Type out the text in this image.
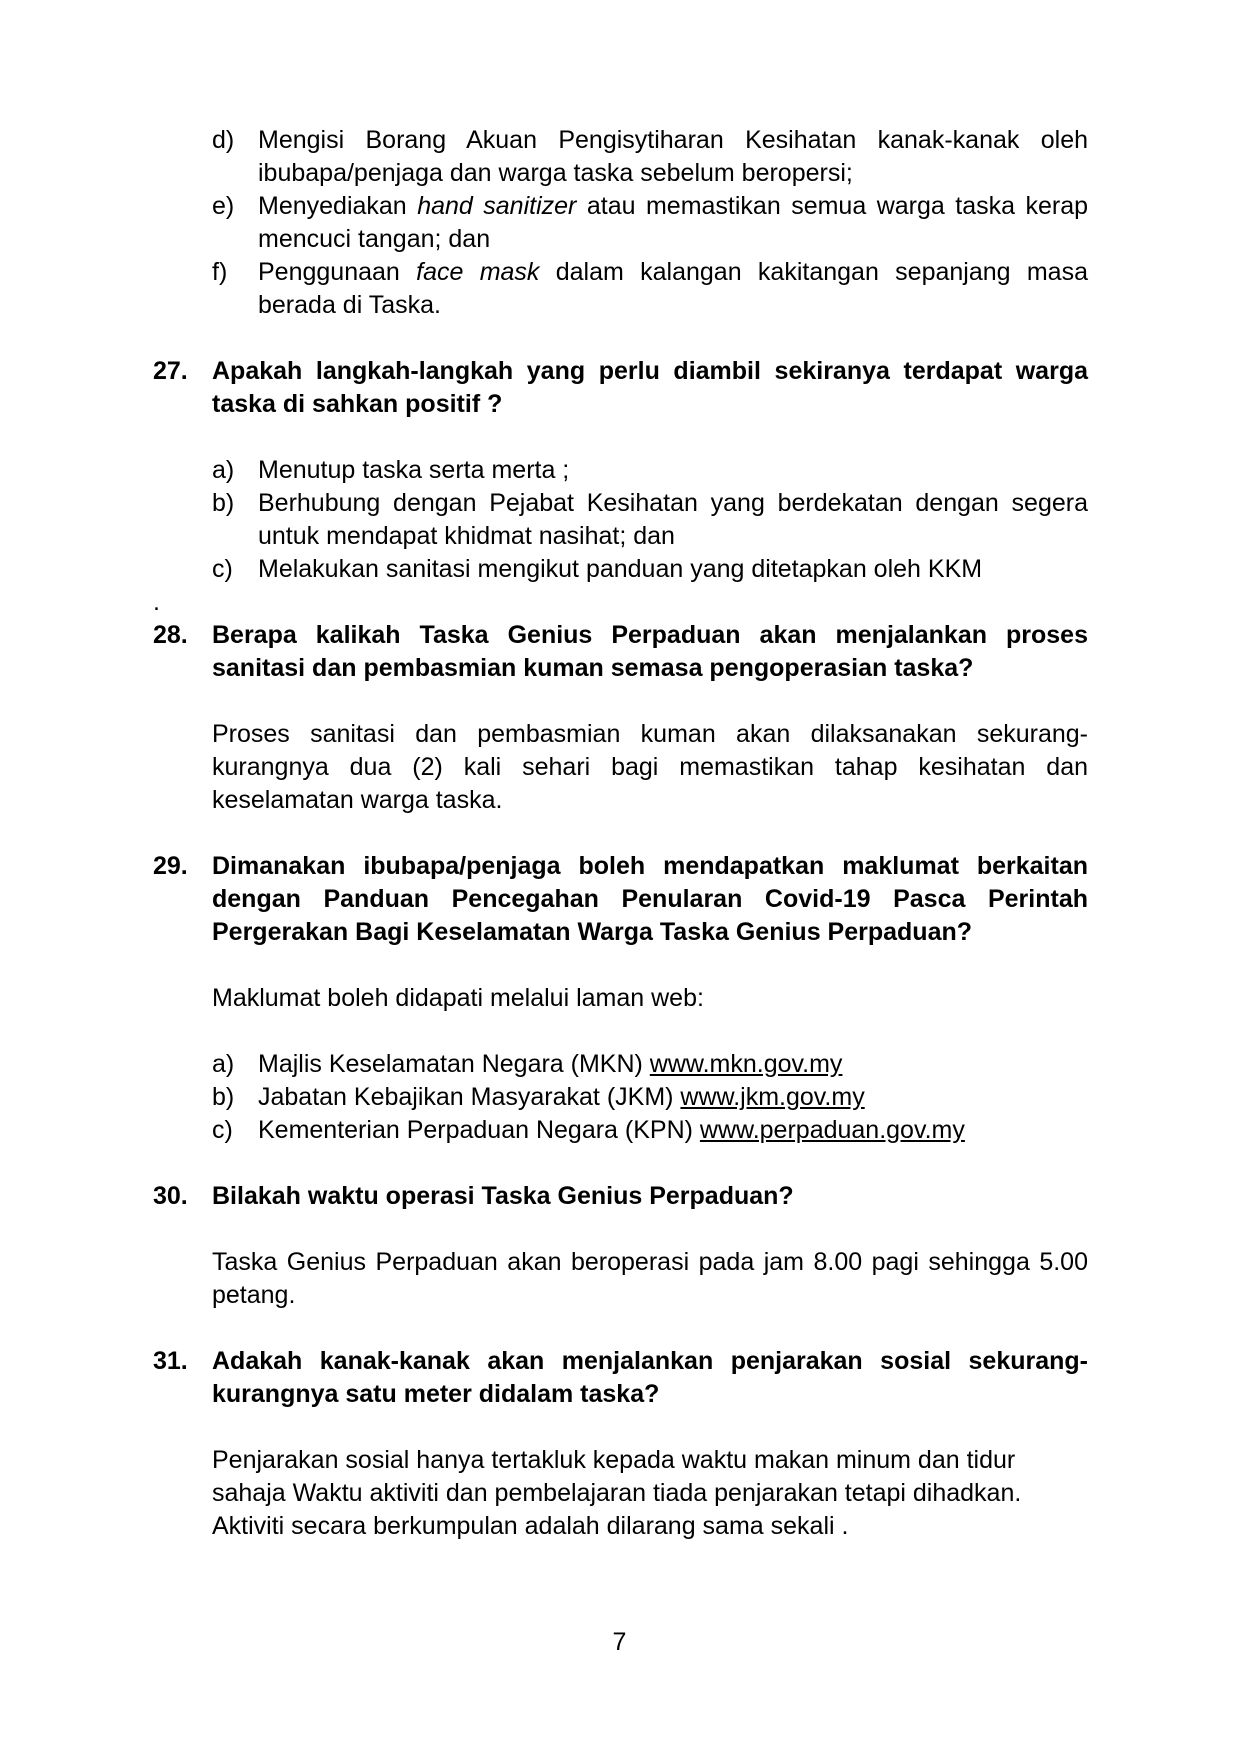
d) Mengisi Borang Akuan Pengisytiharan Kesihatan kanak-kanak oleh ibubapa/penjaga dan warga taska sebelum beropersi;
e) Menyediakan hand sanitizer atau memastikan semua warga taska kerap mencuci tangan; dan
f)	Penggunaan face mask dalam kalangan kakitangan sepanjang masa berada di Taska.
27. Apakah langkah-langkah yang perlu diambil sekiranya terdapat warga taska di sahkan positif ?
a) Menutup taska serta merta ;
b) Berhubung dengan Pejabat Kesihatan yang berdekatan dengan segera untuk mendapat khidmat nasihat; dan
c)	Melakukan sanitasi mengikut panduan yang ditetapkan oleh KKM
.
28. Berapa kalikah Taska Genius Perpaduan akan menjalankan proses sanitasi dan pembasmian kuman semasa pengoperasian taska?
Proses sanitasi dan pembasmian kuman akan dilaksanakan sekurang-kurangnya dua (2) kali sehari bagi memastikan tahap kesihatan dan keselamatan warga taska.
29. Dimanakan ibubapa/penjaga boleh mendapatkan maklumat berkaitan dengan Panduan Pencegahan Penularan Covid-19 Pasca Perintah Pergerakan Bagi Keselamatan Warga Taska Genius Perpaduan?
Maklumat boleh didapati melalui laman web:
a) Majlis Keselamatan Negara (MKN) www.mkn.gov.my
b) Jabatan Kebajikan Masyarakat (JKM) www.jkm.gov.my
c)	Kementerian Perpaduan Negara (KPN) www.perpaduan.gov.my
30. Bilakah waktu operasi Taska Genius Perpaduan?
Taska Genius Perpaduan akan beroperasi pada jam 8.00 pagi sehingga 5.00 petang.
31. Adakah kanak-kanak akan menjalankan penjarakan sosial sekurang-kurangnya satu meter didalam taska?
Penjarakan sosial hanya tertakluk kepada waktu makan minum dan tidur sahaja Waktu aktiviti dan pembelajaran tiada penjarakan tetapi dihadkan. Aktiviti secara berkumpulan adalah dilarang sama sekali .
7
